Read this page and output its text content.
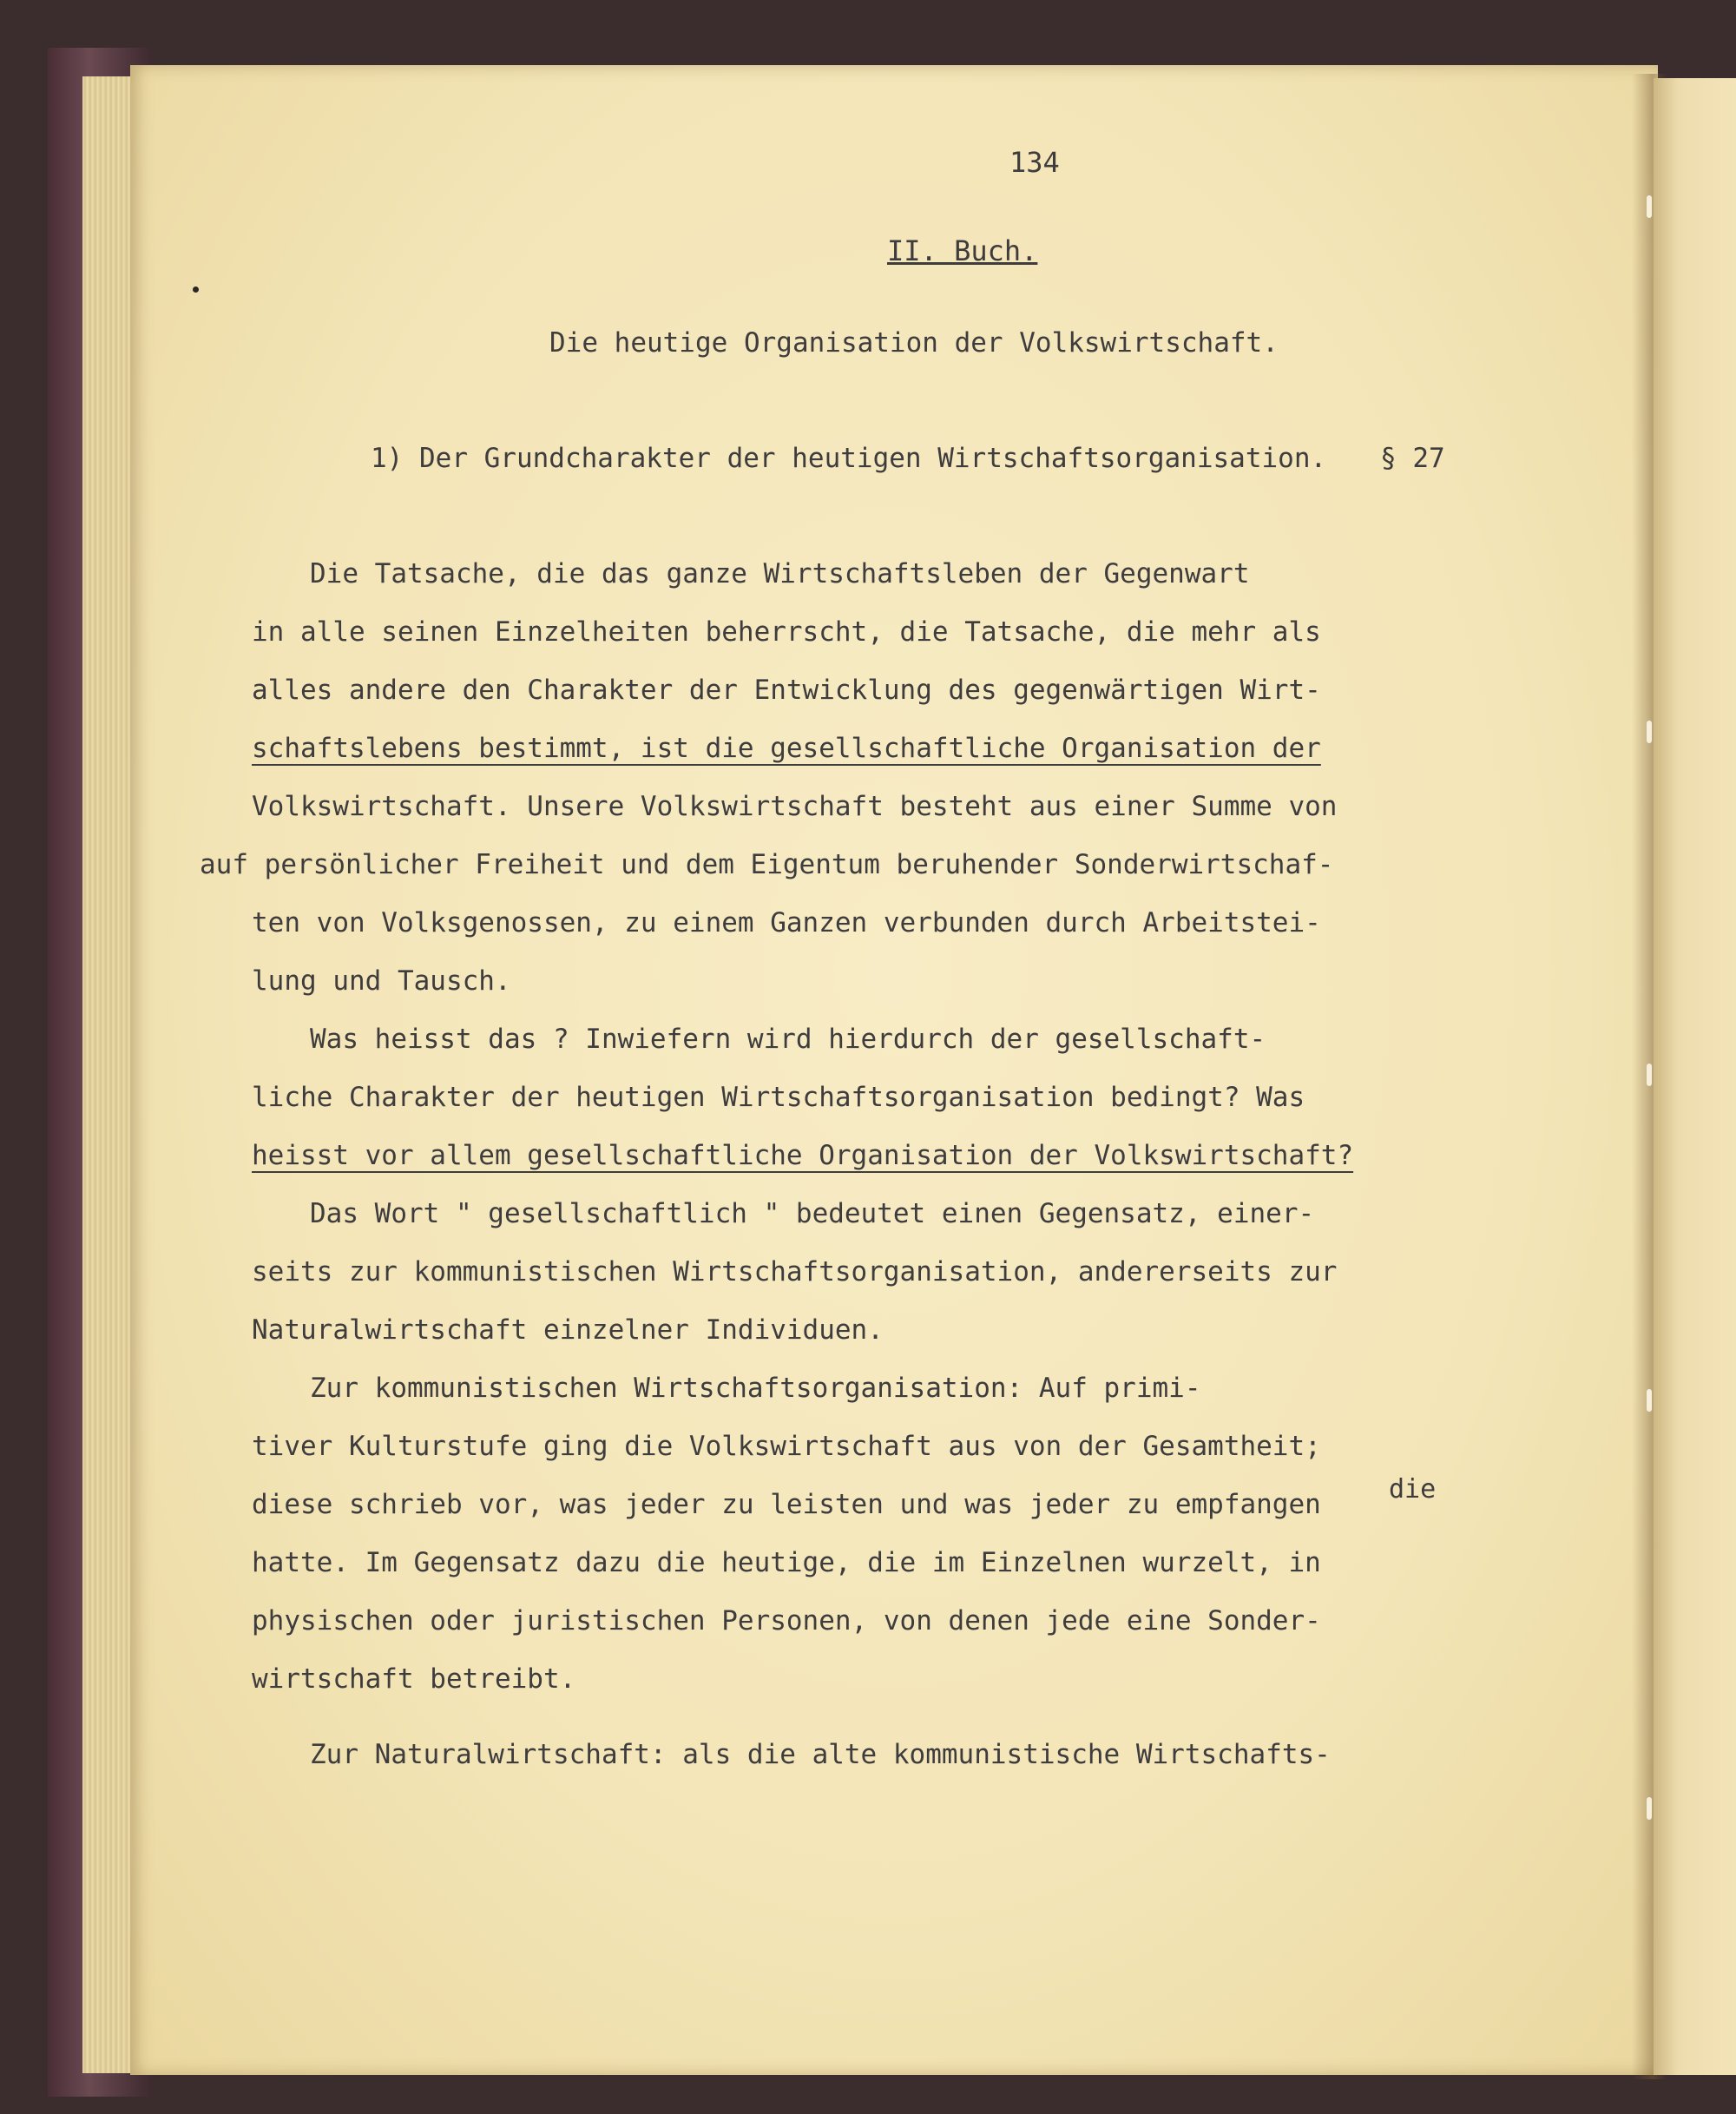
134

II. Buch.

Die heutige Organisation der Volkswirtschaft.

1) Der Grundcharakter der heutigen Wirtschaftsorganisation. § 27

Die Tatsache, die das ganze Wirtschaftsleben der Gegenwart

in alle seinen Einzelheiten beherrscht, die Tatsache, die mehr als

alles andere den Charakter der Entwicklung des gegenwärtigen Wirt-

schaftslebens bestimmt, ist die gesellschaftliche Organisation der

Volkswirtschaft. Unsere Volkswirtschaft besteht aus einer Summe von

auf persönlicher Freiheit und dem Eigentum beruhender Sonderwirtschaf-

ten von Volksgenossen, zu einem Ganzen verbunden durch Arbeitstei-

lung und Tausch.

Was heisst das ? Inwiefern wird hierdurch der gesellschaft-

liche Charakter der heutigen Wirtschaftsorganisation bedingt? Was

heisst vor allem gesellschaftliche Organisation der Volkswirtschaft?

Das Wort " gesellschaftlich " bedeutet einen Gegensatz, einer-

seits zur kommunistischen Wirtschaftsorganisation, andererseits zur

Naturalwirtschaft einzelner Individuen.

Zur kommunistischen Wirtschaftsorganisation: Auf primi-

tiver Kulturstufe ging die Volkswirtschaft aus von der Gesamtheit;

die

diese schrieb vor, was jeder zu leisten und was jeder zu empfangen

hatte. Im Gegensatz dazu die heutige, die im Einzelnen wurzelt, in

physischen oder juristischen Personen, von denen jede eine Sonder-

wirtschaft betreibt.

Zur Naturalwirtschaft: als die alte kommunistische Wirtschafts-
